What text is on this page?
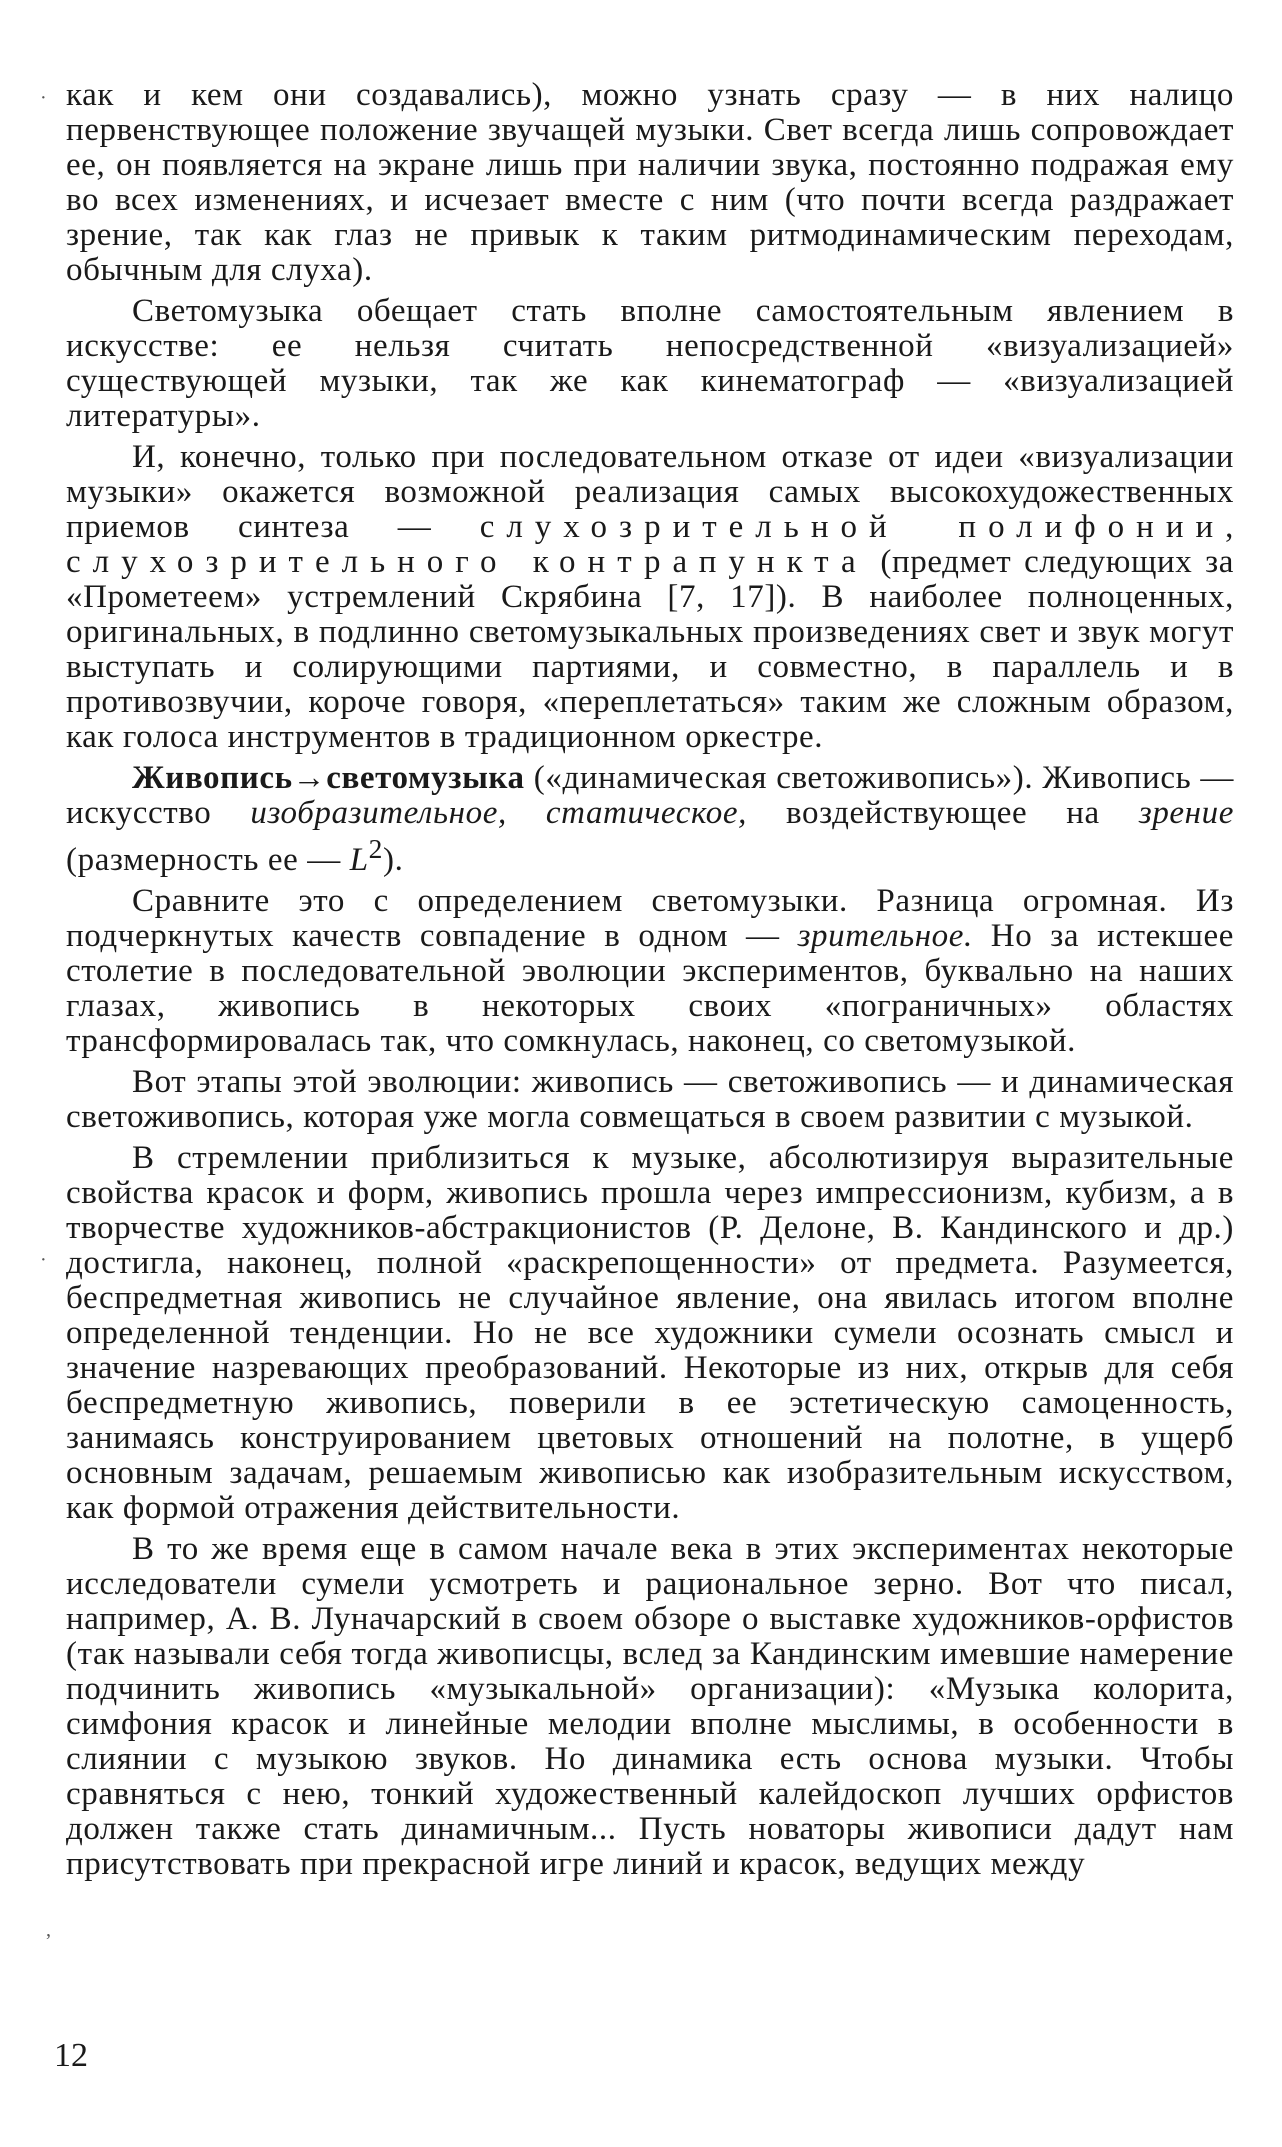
как и кем они создавались), можно узнать сразу — в них налицо первенствующее положение звучащей музыки. Свет всегда лишь сопровождает ее, он появляется на экране лишь при наличии звука, постоянно подражая ему во всех изменениях, и исчезает вместе с ним (что почти всегда раздражает зрение, так как глаз не привык к таким ритмодинамическим переходам, обычным для слуха).

Светомузыка обещает стать вполне самостоятельным явлением в искусстве: ее нельзя считать непосредственной «визуализацией» существующей музыки, так же как кинематограф — «визуализацией литературы».

И, конечно, только при последовательном отказе от идеи «визуализации музыки» окажется возможной реализация самых высокохудожественных приемов синтеза — слухозрительной полифонии, слухозрительного контрапункта (предмет следующих за «Прометеем» устремлений Скрябина [7, 17]). В наиболее полноценных, оригинальных, в подлинно светомузыкальных произведениях свет и звук могут выступать и солирующими партиями, и совместно, в параллель и в противозвучии, короче говоря, «переплетаться» таким же сложным образом, как голоса инструментов в традиционном оркестре.

Живопись→светомузыка («динамическая светоживопись»). Живопись — искусство изобразительное, статическое, воздействующее на зрение (размерность ее — $L^2$).

Сравните это с определением светомузыки. Разница огромная. Из подчеркнутых качеств совпадение в одном — зрительное. Но за истекшее столетие в последовательной эволюции экспериментов, буквально на наших глазах, живопись в некоторых своих «пограничных» областях трансформировалась так, что сомкнулась, наконец, со светомузыкой.

Вот этапы этой эволюции: живопись — светоживопись — и динамическая светоживопись, которая уже могла совмещаться в своем развитии с музыкой.

В стремлении приблизиться к музыке, абсолютизируя выразительные свойства красок и форм, живопись прошла через импрессионизм, кубизм, а в творчестве художников-абстракционистов (Р. Делоне, В. Кандинского и др.) достигла, наконец, полной «раскрепощенности» от предмета. Разумеется, беспредметная живопись не случайное явление, она явилась итогом вполне определенной тенденции. Но не все художники сумели осознать смысл и значение назревающих преобразований. Некоторые из них, открыв для себя беспредметную живопись, поверили в ее эстетическую самоценность, занимаясь конструированием цветовых отношений на полотне, в ущерб основным задачам, решаемым живописью как изобразительным искусством, как формой отражения действительности.

В то же время еще в самом начале века в этих экспериментах некоторые исследователи сумели усмотреть и рациональное зерно. Вот что писал, например, А. В. Луначарский в своем обзоре о выставке художников-орфистов (так называли себя тогда живописцы, вслед за Кандинским имевшие намерение подчинить живопись «музыкальной» организации): «Музыка колорита, симфония красок и линейные мелодии вполне мыслимы, в особенности в слиянии с музыкою звуков. Но динамика есть основа музыки. Чтобы сравняться с нею, тонкий художественный калейдоскоп лучших орфистов должен также стать динамичным... Пусть новаторы живописи дадут нам присутствовать при прекрасной игре линий и красок, ведущих между

·
·
,
12
